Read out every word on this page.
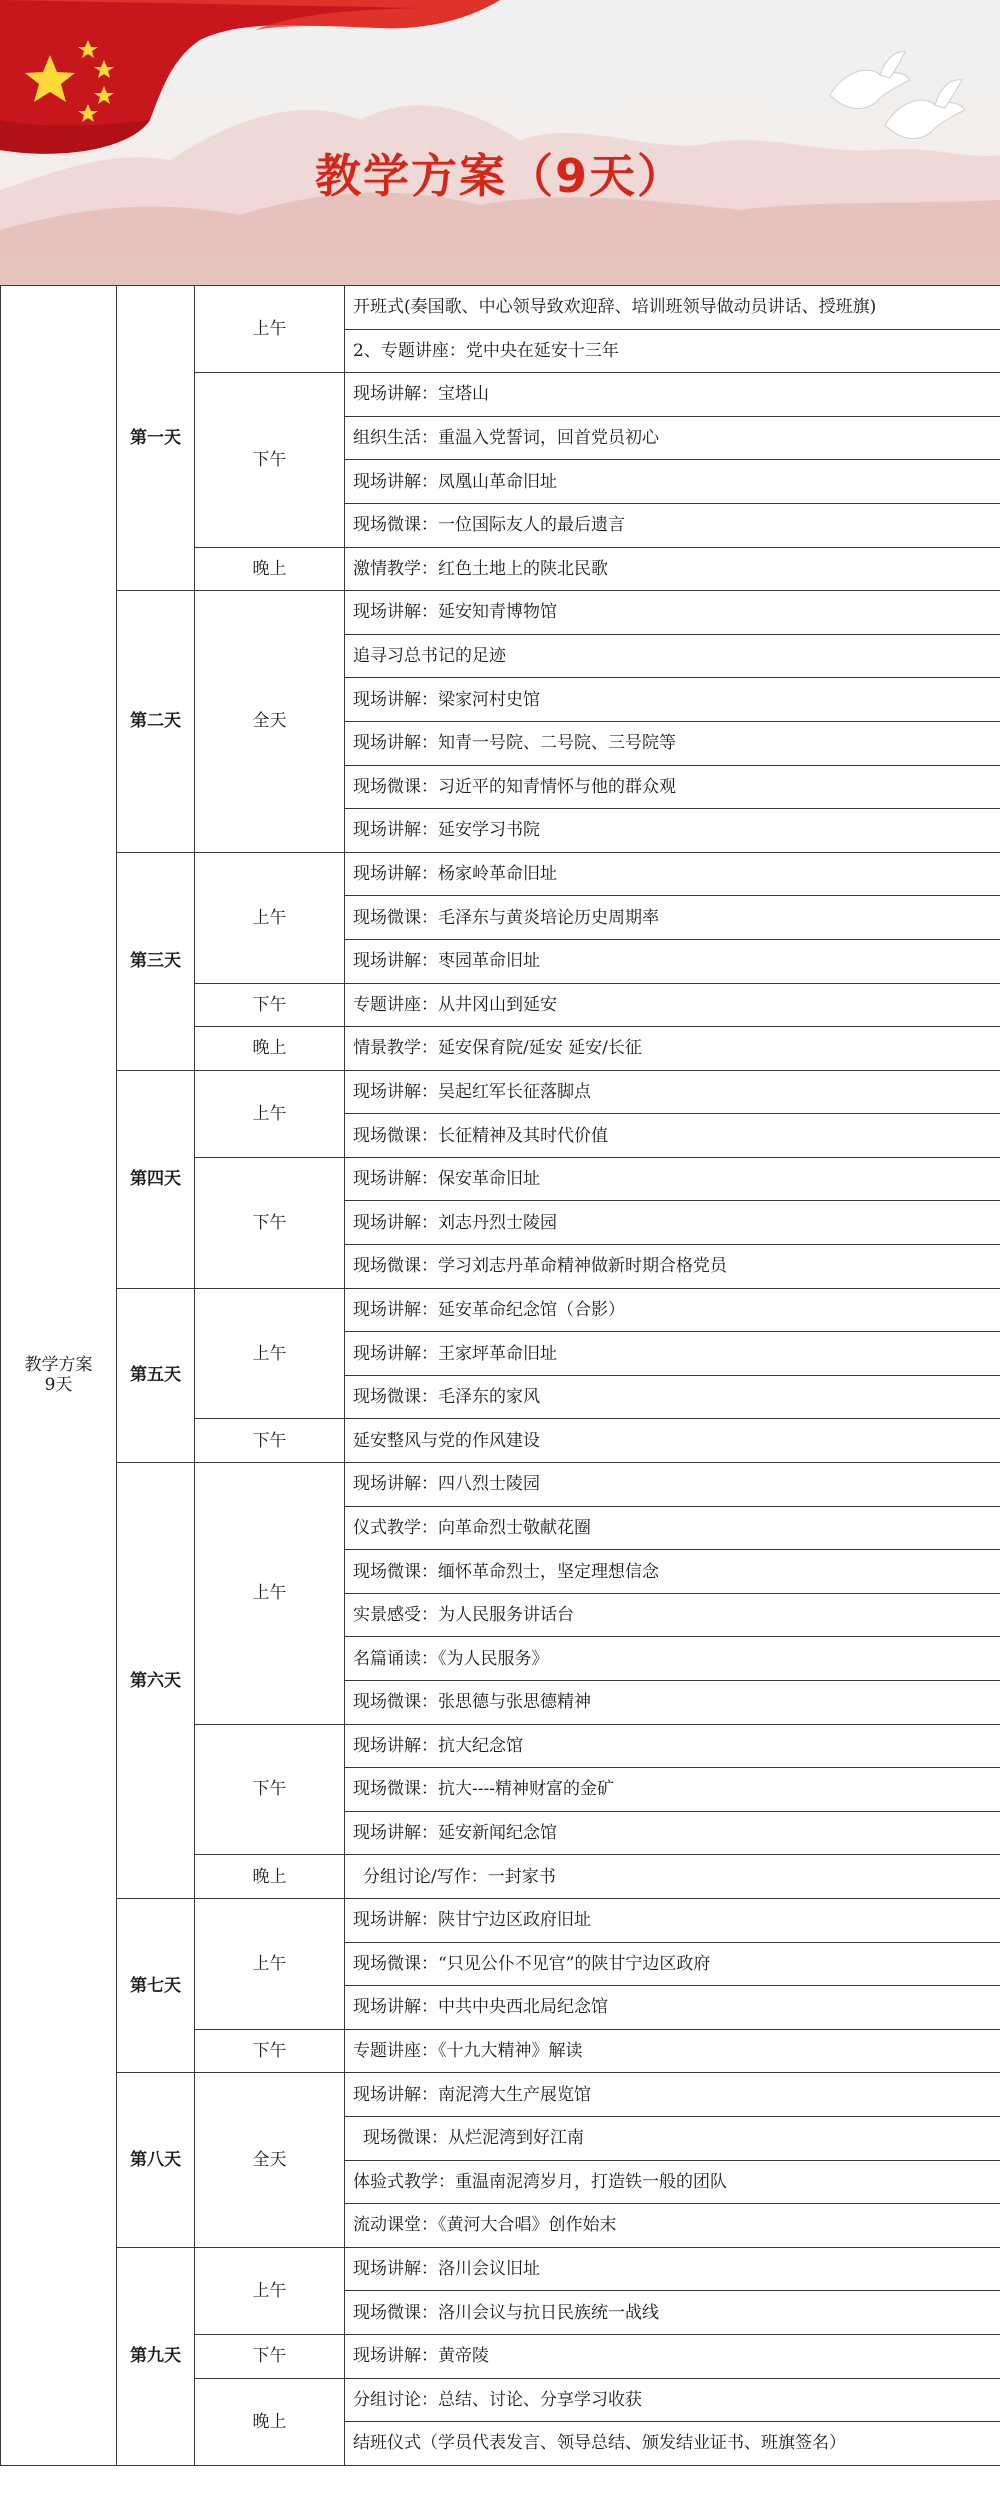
教学方案（9天）
教学方案
9天	第一天	上午	开班式(奏国歌、中心领导致欢迎辞、培训班领导做动员讲话、授班旗)
			2、专题讲座：党中央在延安十三年
		下午	现场讲解：宝塔山
			组织生活：重温入党誓词，回首党员初心
			现场讲解：凤凰山革命旧址
			现场微课：一位国际友人的最后遗言
		晚上	激情教学：红色土地上的陕北民歌
	第二天	全天	现场讲解：延安知青博物馆
			追寻习总书记的足迹
			现场讲解：梁家河村史馆
			现场讲解：知青一号院、二号院、三号院等
			现场微课：习近平的知青情怀与他的群众观
			现场讲解：延安学习书院
	第三天	上午	现场讲解：杨家岭革命旧址
			现场微课：毛泽东与黄炎培论历史周期率
			现场讲解：枣园革命旧址
		下午	专题讲座：从井冈山到延安
		晚上	情景教学：延安保育院/延安 延安/长征
	第四天	上午	现场讲解：吴起红军长征落脚点
			现场微课：长征精神及其时代价值
		下午	现场讲解：保安革命旧址
			现场讲解：刘志丹烈士陵园
			现场微课：学习刘志丹革命精神做新时期合格党员
	第五天	上午	现场讲解：延安革命纪念馆（合影）
			现场讲解：王家坪革命旧址
			现场微课：毛泽东的家风
		下午	延安整风与党的作风建设
	第六天	上午	现场讲解：四八烈士陵园
			仪式教学：向革命烈士敬献花圈
			现场微课：缅怀革命烈士，坚定理想信念
			实景感受：为人民服务讲话台
			名篇诵读：《为人民服务》
			现场微课：张思德与张思德精神
		下午	现场讲解：抗大纪念馆
			现场微课：抗大----精神财富的金矿
			现场讲解：延安新闻纪念馆
		晚上	分组讨论/写作：一封家书
	第七天	上午	现场讲解：陕甘宁边区政府旧址
			现场微课：“只见公仆不见官”的陕甘宁边区政府
			现场讲解：中共中央西北局纪念馆
		下午	专题讲座：《十九大精神》解读
	第八天	全天	现场讲解：南泥湾大生产展览馆
			现场微课：从烂泥湾到好江南
			体验式教学：重温南泥湾岁月，打造铁一般的团队
			流动课堂：《黄河大合唱》创作始末
	第九天	上午	现场讲解：洛川会议旧址
			现场微课：洛川会议与抗日民族统一战线
		下午	现场讲解：黄帝陵
		晚上	分组讨论：总结、讨论、分享学习收获
			结班仪式（学员代表发言、领导总结、颁发结业证书、班旗签名）
